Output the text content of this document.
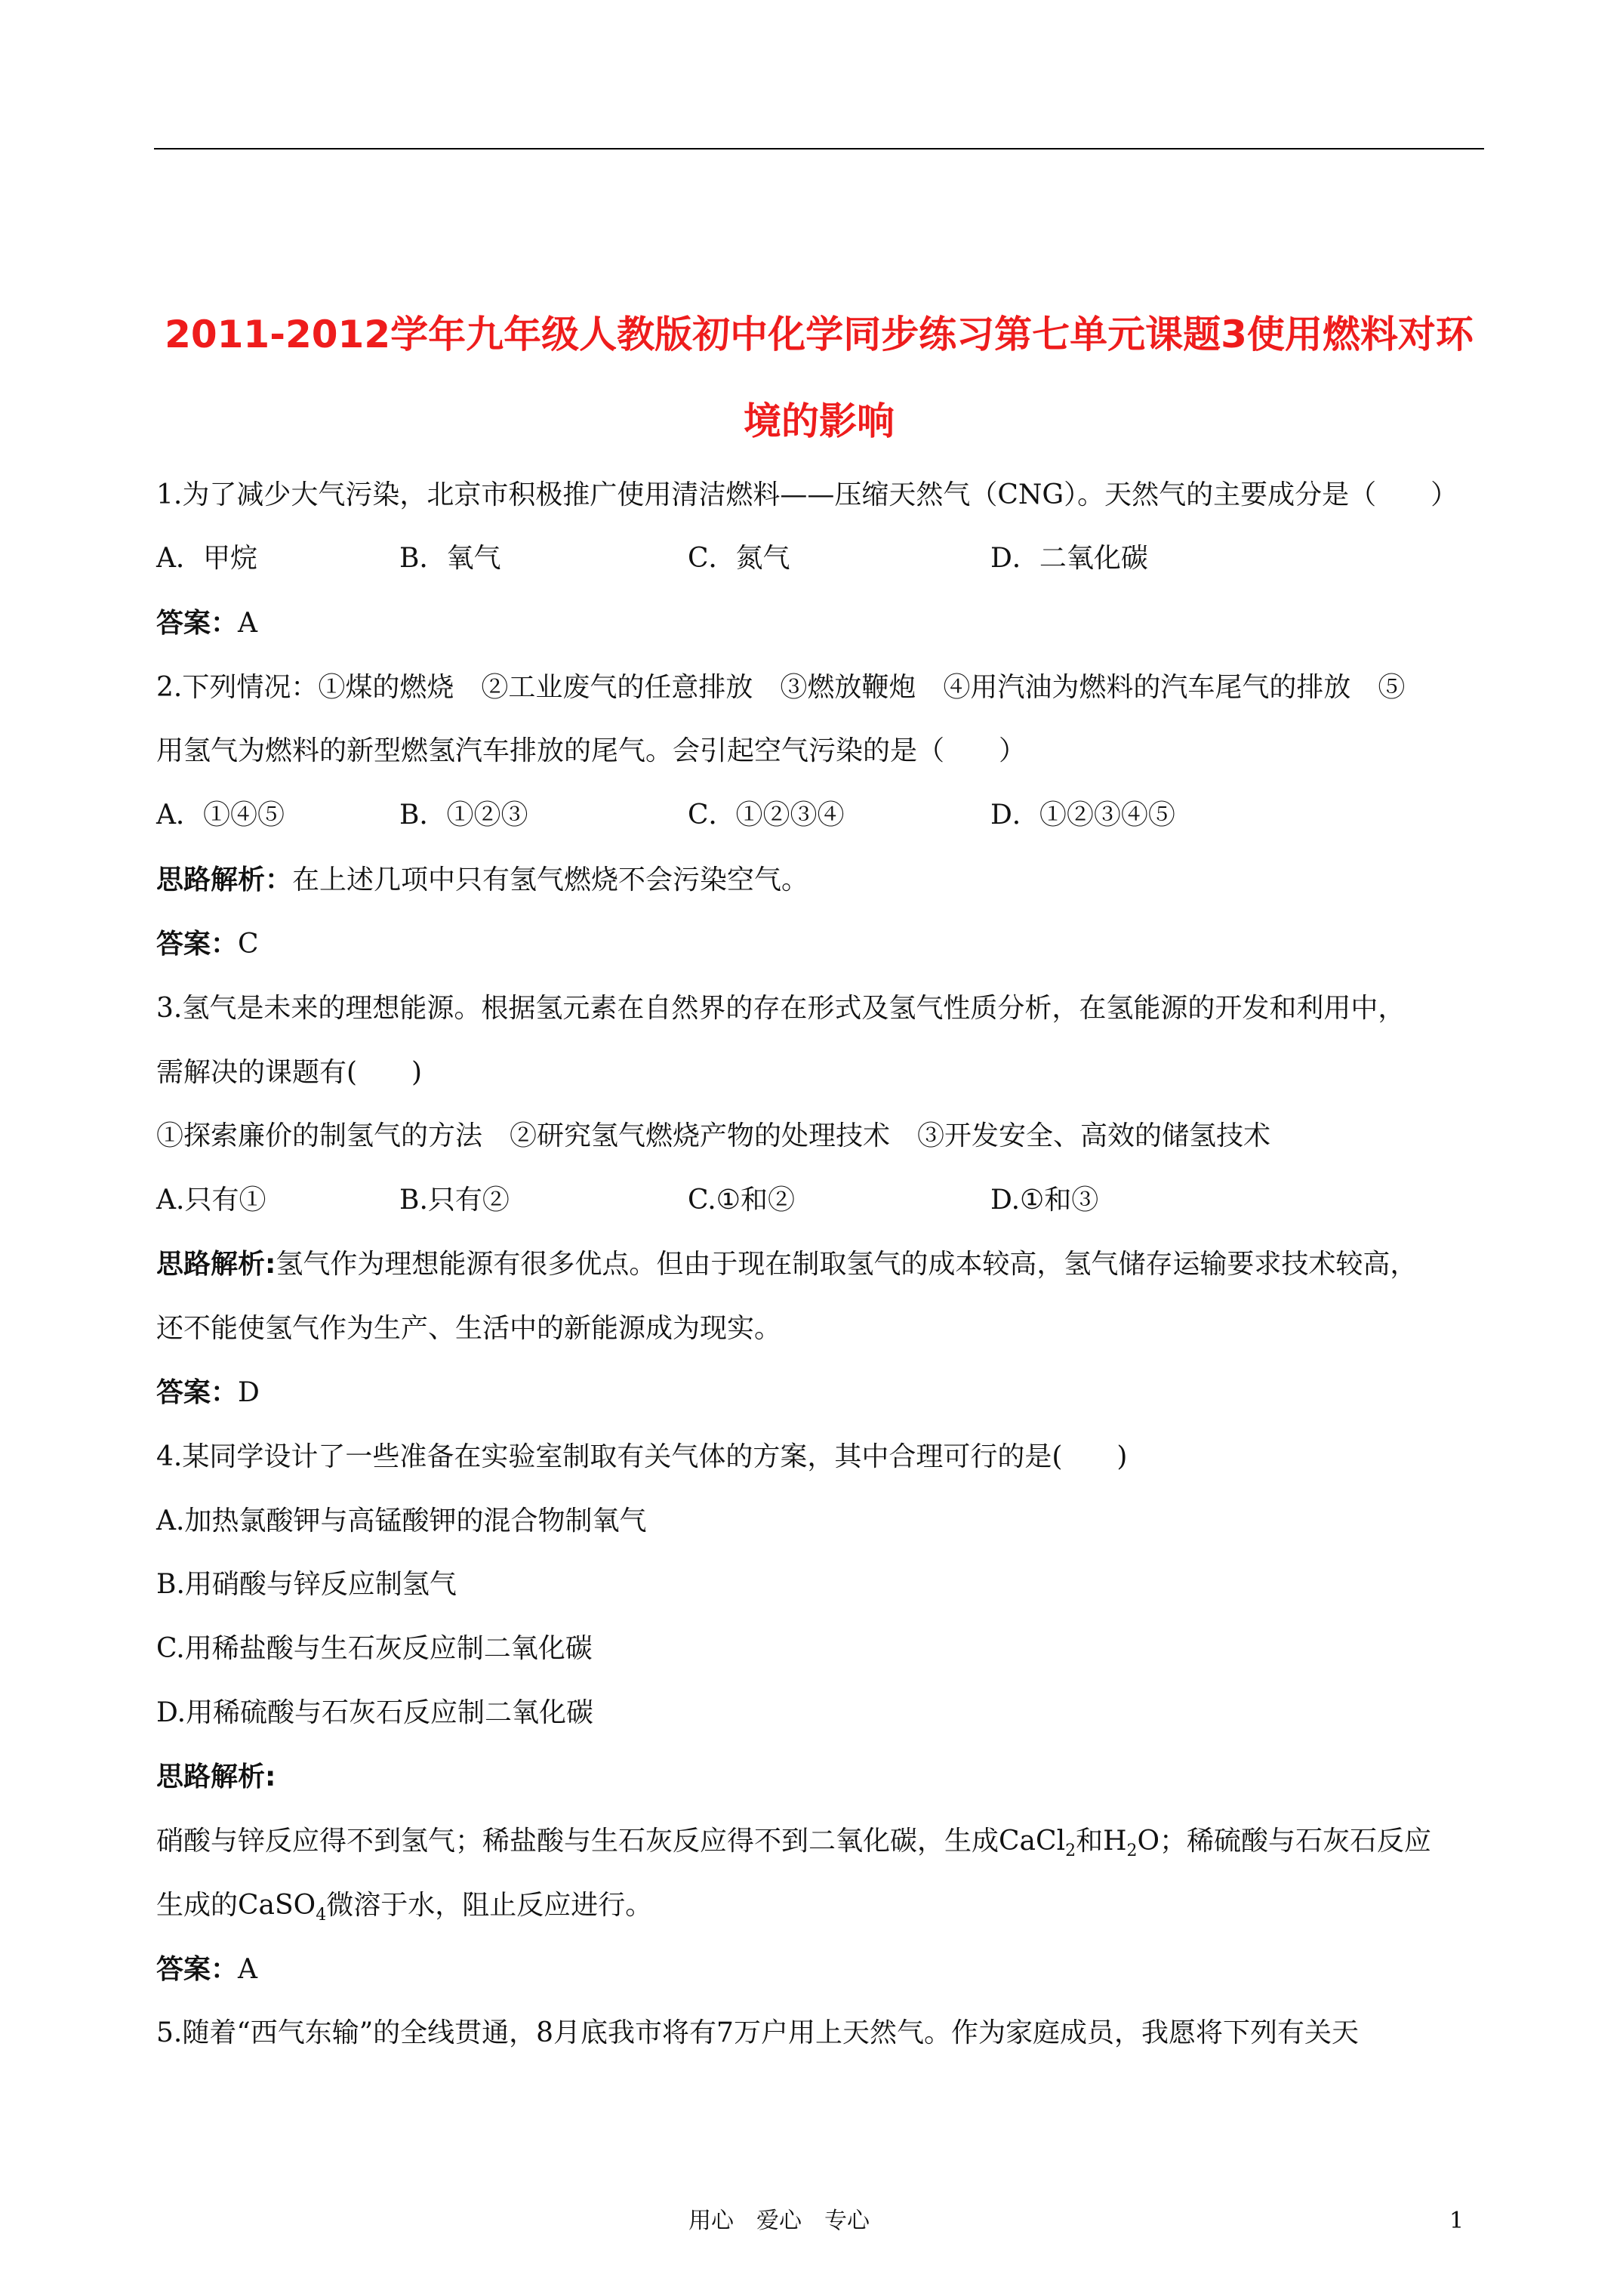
2011-2012学年九年级人教版初中化学同步练习第七单元课题3使用燃料对环
境的影响
1.为了减少大气污染，北京市积极推广使用清洁燃料——压缩天然气（CNG）。天然气的主要成分是（　　）
A．甲烷	B．氧气	C．氮气	D．二氧化碳
答案：A
2.下列情况：①煤的燃烧　②工业废气的任意排放　③燃放鞭炮　④用汽油为燃料的汽车尾气的排放　⑤
用氢气为燃料的新型燃氢汽车排放的尾气。会引起空气污染的是（　　）
A．①④⑤	B．①②③	C．①②③④	D．①②③④⑤
思路解析：在上述几项中只有氢气燃烧不会污染空气。
答案：C
3.氢气是未来的理想能源。根据氢元素在自然界的存在形式及氢气性质分析，在氢能源的开发和利用中，
需解决的课题有(　　)
①探索廉价的制氢气的方法　②研究氢气燃烧产物的处理技术　③开发安全、高效的储氢技术
A.只有①	B.只有②	C.①和②	D.①和③
思路解析:氢气作为理想能源有很多优点。但由于现在制取氢气的成本较高，氢气储存运输要求技术较高，
还不能使氢气作为生产、生活中的新能源成为现实。
答案：D
4.某同学设计了一些准备在实验室制取有关气体的方案，其中合理可行的是(　　)
A.加热氯酸钾与高锰酸钾的混合物制氧气
B.用硝酸与锌反应制氢气
C.用稀盐酸与生石灰反应制二氧化碳
D.用稀硫酸与石灰石反应制二氧化碳
思路解析:
硝酸与锌反应得不到氢气；稀盐酸与生石灰反应得不到二氧化碳，生成CaCl$_2$和$H_2O$；稀硫酸与石灰石反应
生成的CaSO$_4$微溶于水，阻止反应进行。
答案：A
5.随着“西气东输”的全线贯通，8月底我市将有7万户用上天然气。作为家庭成员，我愿将下列有关天
用心　爱心　专心	1
